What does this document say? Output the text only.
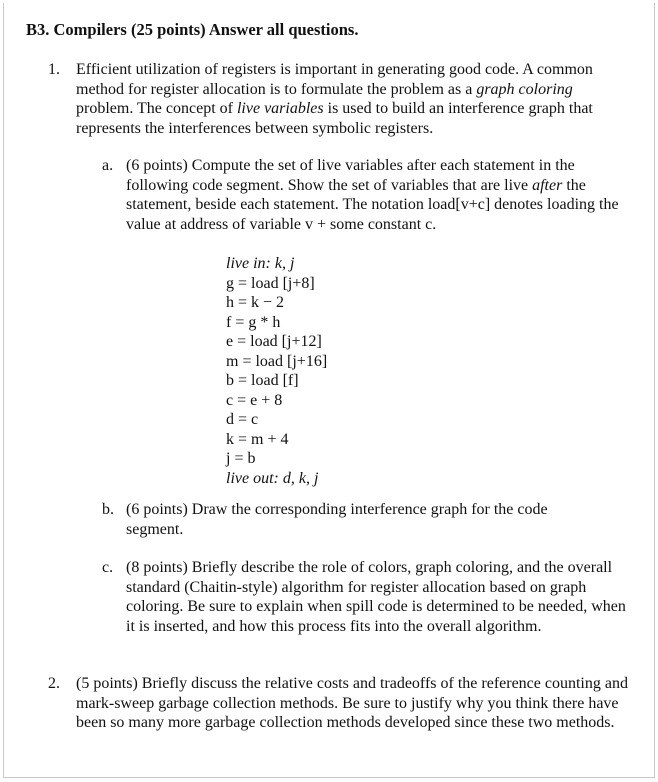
B3. Compilers (25 points) Answer all questions.
1. Efficient utilization of registers is important in generating good code. A common method for register allocation is to formulate the problem as a graph coloring problem. The concept of live variables is used to build an interference graph that represents the interferences between symbolic registers.
a. (6 points) Compute the set of live variables after each statement in the following code segment. Show the set of variables that are live after the statement, beside each statement. The notation load[v+c] denotes loading the value at address of variable v + some constant c.
live in: k, j
g = load [j+8]
h = k − 2
f = g * h
e = load [j+12]
m = load [j+16]
b = load [f]
c = e + 8
d = c
k = m + 4
j = b
live out: d, k, j
b. (6 points) Draw the corresponding interference graph for the code segment.
c. (8 points) Briefly describe the role of colors, graph coloring, and the overall standard (Chaitin-style) algorithm for register allocation based on graph coloring. Be sure to explain when spill code is determined to be needed, when it is inserted, and how this process fits into the overall algorithm.
2. (5 points) Briefly discuss the relative costs and tradeoffs of the reference counting and mark-sweep garbage collection methods. Be sure to justify why you think there have been so many more garbage collection methods developed since these two methods.
